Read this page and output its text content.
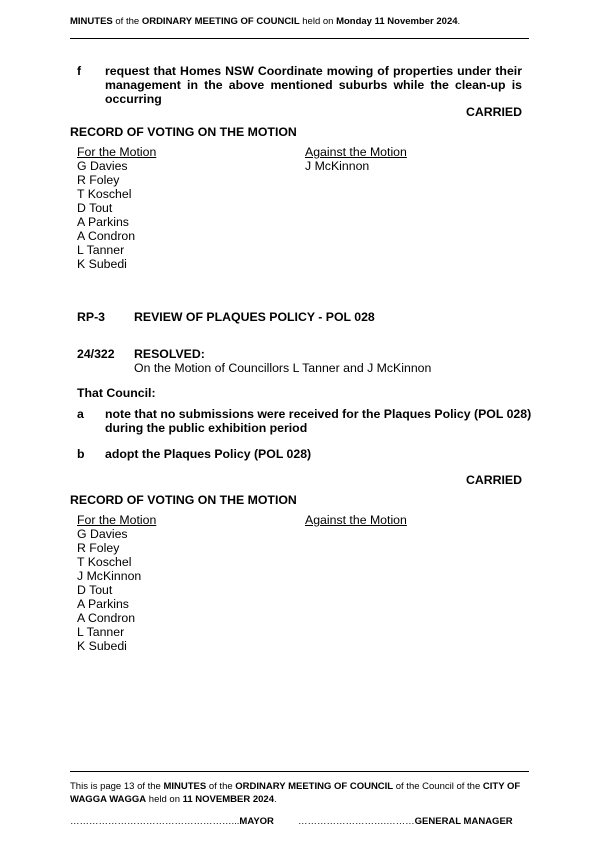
MINUTES of the ORDINARY MEETING OF COUNCIL held on Monday 11 November 2024.
f request that Homes NSW Coordinate mowing of properties under their
management in the above mentioned suburbs while the clean-up is
occurring
CARRIED
RECORD OF VOTING ON THE MOTION
For the Motion
G Davies
R Foley
T Koschel
D Tout
A Parkins
A Condron
L Tanner
K Subedi
Against the Motion
J McKinnon
RP-3 REVIEW OF PLAQUES POLICY - POL 028
24/322 RESOLVED:
On the Motion of Councillors L Tanner and J McKinnon
That Council:
a note that no submissions were received for the Plaques Policy (POL 028)
during the public exhibition period
b adopt the Plaques Policy (POL 028)
CARRIED
RECORD OF VOTING ON THE MOTION
For the Motion
G Davies
R Foley
T Koschel
J McKinnon
D Tout
A Parkins
A Condron
L Tanner
K Subedi
Against the Motion
This is page 13 of the MINUTES of the ORDINARY MEETING OF COUNCIL of the Council of the CITY OF WAGGA WAGGA held on 11 NOVEMBER 2024.
……………………………………………...MAYOR	……………………….………GENERAL MANAGER
